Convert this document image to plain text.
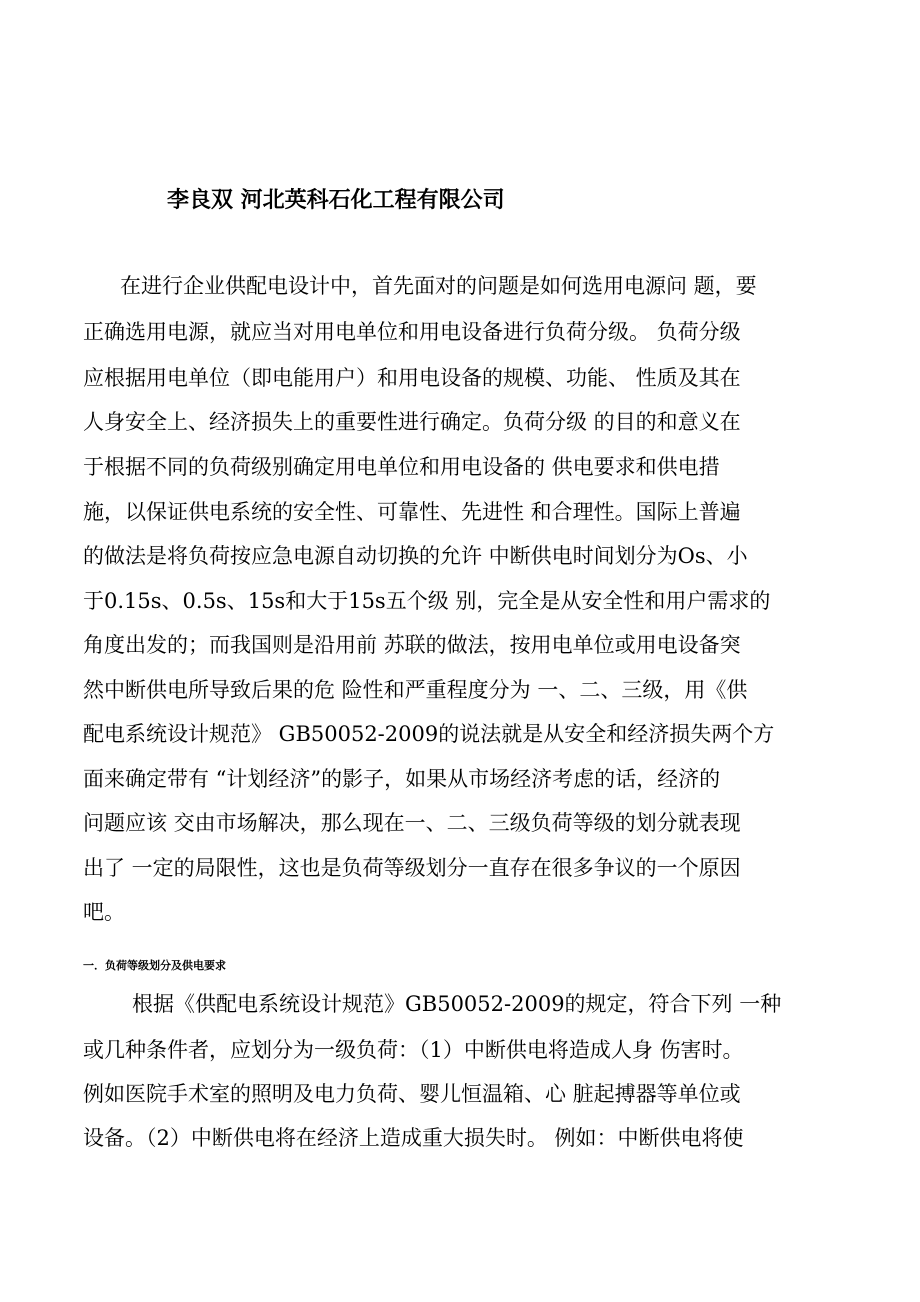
李良双 河北英科石化工程有限公司

在进行企业供配电设计中，首先面对的问题是如何选用电源问 题，要

正确选用电源，就应当对用电单位和用电设备进行负荷分级。 负荷分级

应根据用电单位（即电能用户）和用电设备的规模、功能、 性质及其在

人身安全上、经济损失上的重要性进行确定。负荷分级 的目的和意义在

于根据不同的负荷级别确定用电单位和用电设备的 供电要求和供电措

施，以保证供电系统的安全性、可靠性、先进性 和合理性。国际上普遍

的做法是将负荷按应急电源自动切换的允许 中断供电时间划分为Os、小

于0.15s、0.5s、15s和大于15s五个级 别，完全是从安全性和用户需求的

角度出发的；而我国则是沿用前 苏联的做法，按用电单位或用电设备突

然中断供电所导致后果的危 险性和严重程度分为 一、二、三级，用《供

配电系统设计规范》 GB50052-2009的说法就是从安全和经济损失两个方

面来确定带有 “计划经济”的影子，如果从市场经济考虑的话，经济的

问题应该 交由市场解决，那么现在一、二、三级负荷等级的划分就表现

出了 一定的局限性，这也是负荷等级划分一直存在很多争议的一个原因

吧。

一．负荷等级划分及供电要求

根据《供配电系统设计规范》GB50052-2009的规定，符合下列 一种

或几种条件者，应划分为一级负荷：（1）中断供电将造成人身 伤害时。

例如医院手术室的照明及电力负荷、婴儿恒温箱、心 脏起搏器等单位或

设备。（2）中断供电将在经济上造成重大损失时。 例如：中断供电将使
